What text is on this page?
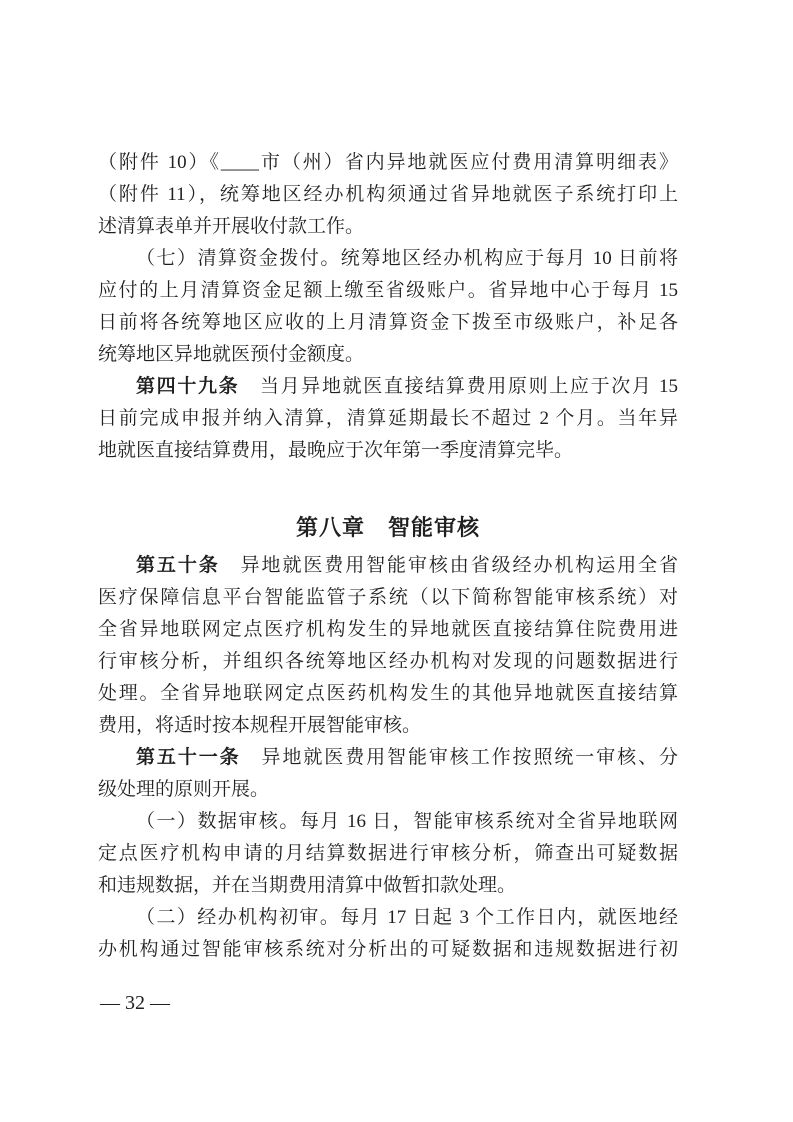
（附件 10）《____市（州）省内异地就医应付费用清算明细表》
（附件 11），统筹地区经办机构须通过省异地就医子系统打印上
述清算表单并开展收付款工作。
（七）清算资金拨付。统筹地区经办机构应于每月 10 日前将
应付的上月清算资金足额上缴至省级账户。省异地中心于每月 15
日前将各统筹地区应收的上月清算资金下拨至市级账户，补足各
统筹地区异地就医预付金额度。
第四十九条　当月异地就医直接结算费用原则上应于次月 15
日前完成申报并纳入清算，清算延期最长不超过 2 个月。当年异
地就医直接结算费用，最晚应于次年第一季度清算完毕。
第八章　智能审核
第五十条　异地就医费用智能审核由省级经办机构运用全省
医疗保障信息平台智能监管子系统（以下简称智能审核系统）对
全省异地联网定点医疗机构发生的异地就医直接结算住院费用进
行审核分析，并组织各统筹地区经办机构对发现的问题数据进行
处理。全省异地联网定点医药机构发生的其他异地就医直接结算
费用，将适时按本规程开展智能审核。
第五十一条　异地就医费用智能审核工作按照统一审核、分
级处理的原则开展。
（一）数据审核。每月 16 日，智能审核系统对全省异地联网
定点医疗机构申请的月结算数据进行审核分析，筛查出可疑数据
和违规数据，并在当期费用清算中做暂扣款处理。
（二）经办机构初审。每月 17 日起 3 个工作日内，就医地经
办机构通过智能审核系统对分析出的可疑数据和违规数据进行初
— 32 —
